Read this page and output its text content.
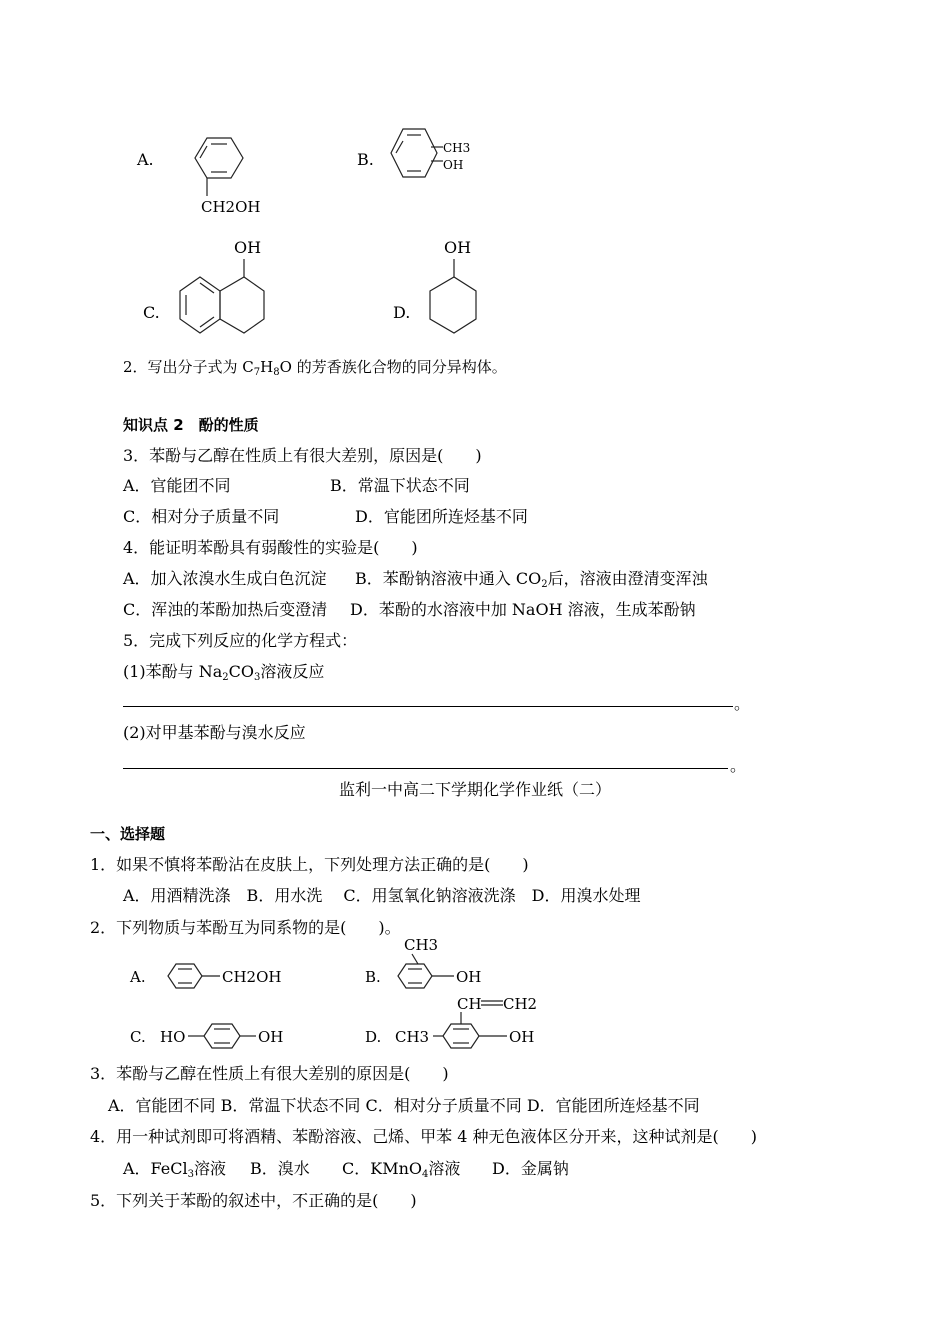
A.
CH2OH
B.
CH3
OH
C.
OH
D.
OH
2．写出分子式为 $C_7H_8O$ 的芳香族化合物的同分异构体。
知识点 2　酚的性质
3．苯酚与乙醇在性质上有很大差别，原因是(　　)
A．官能团不同	B．常温下状态不同
C．相对分子质量不同	D．官能团所连烃基不同
4．能证明苯酚具有弱酸性的实验是(　　)
A．加入浓溴水生成白色沉淀 B．苯酚钠溶液中通入 $CO_2$后，溶液由澄清变浑浊
C．浑浊的苯酚加热后变澄清 D．苯酚的水溶液中加 NaOH 溶液，生成苯酚钠
5．完成下列反应的化学方程式：
(1)苯酚与 $Na_2CO_3$溶液反应
。
(2)对甲基苯酚与溴水反应
。
监利一中高二下学期化学作业纸（二）
一、选择题
1．如果不慎将苯酚沾在皮肤上，下列处理方法正确的是(　　)
A．用酒精洗涤　B．用水洗　 C．用氢氧化钠溶液洗涤　D．用溴水处理
2．下列物质与苯酚互为同系物的是(　　)。
A.	CH2OH	B.
CH3
OH
C. HO	OH	D.
CH CH2
CH3	OH
3．苯酚与乙醇在性质上有很大差别的原因是(　　)
A．官能团不同 B．常温下状态不同 C．相对分子质量不同 D．官能团所连烃基不同
4．用一种试剂即可将酒精、苯酚溶液、己烯、甲苯 4 种无色液体区分开来，这种试剂是(　　)
A．FeCl$_3$溶液 B．溴水 C．KMnO$_4$溶液 D．金属钠
5．下列关于苯酚的叙述中，不正确的是(　　)
